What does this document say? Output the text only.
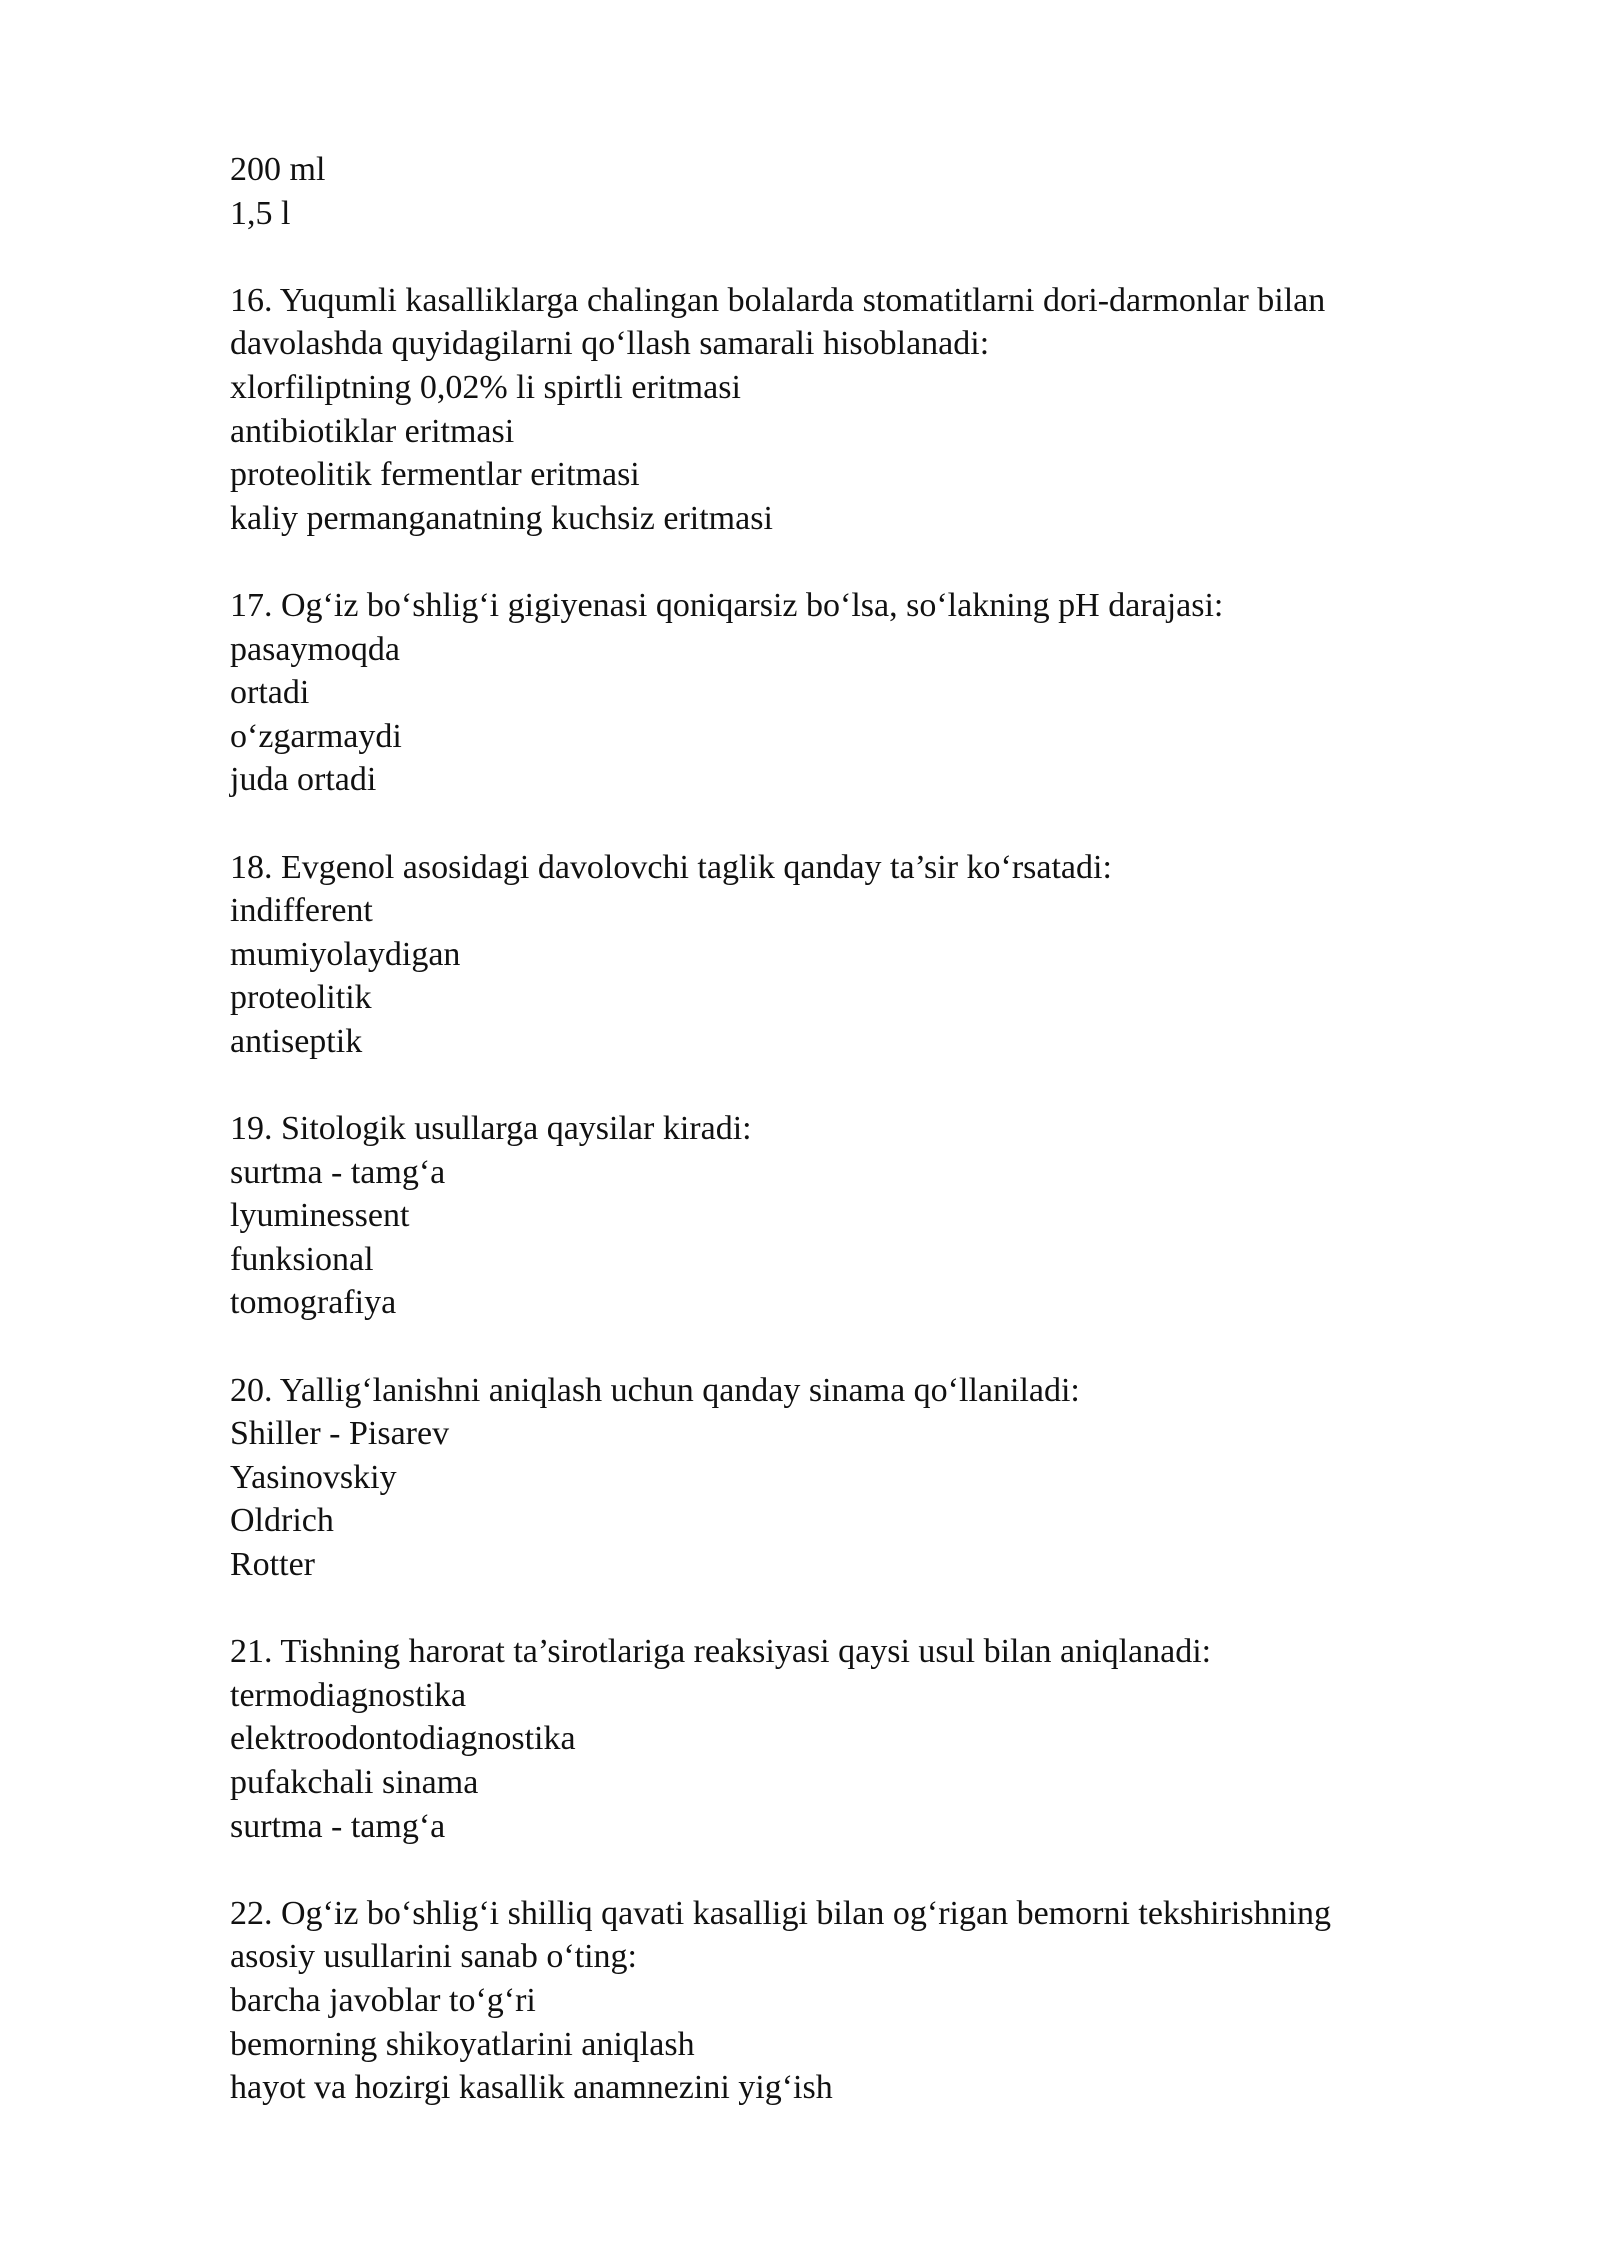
200 ml
1,5 l
16. Yuqumli kasalliklarga chalingan bolalarda stomatitlarni dori-darmonlar bilan
davolashda quyidagilarni qo‘llash samarali hisoblanadi:
xlorfiliptning 0,02% li spirtli eritmasi
antibiotiklar eritmasi
proteolitik fermentlar eritmasi
kaliy permanganatning kuchsiz eritmasi
17. Og‘iz bo‘shlig‘i gigiyenasi qoniqarsiz bo‘lsa, so‘lakning pH darajasi:
pasaymoqda
ortadi
o‘zgarmaydi
juda ortadi
18. Evgenol asosidagi davolovchi taglik qanday ta’sir ko‘rsatadi:
indifferent
mumiyolaydigan
proteolitik
antiseptik
19. Sitologik usullarga qaysilar kiradi:
surtma - tamg‘a
lyuminessent
funksional
tomografiya
20. Yallig‘lanishni aniqlash uchun qanday sinama qo‘llaniladi:
Shiller - Pisarev
Yasinovskiy
Oldrich
Rotter
21. Tishning harorat ta’sirotlariga reaksiyasi qaysi usul bilan aniqlanadi:
termodiagnostika
elektroodontodiagnostika
pufakchali sinama
surtma - tamg‘a
22. Og‘iz bo‘shlig‘i shilliq qavati kasalligi bilan og‘rigan bemorni tekshirishning
asosiy usullarini sanab o‘ting:
barcha javoblar to‘g‘ri
bemorning shikoyatlarini aniqlash
hayot va hozirgi kasallik anamnezini yig‘ish
